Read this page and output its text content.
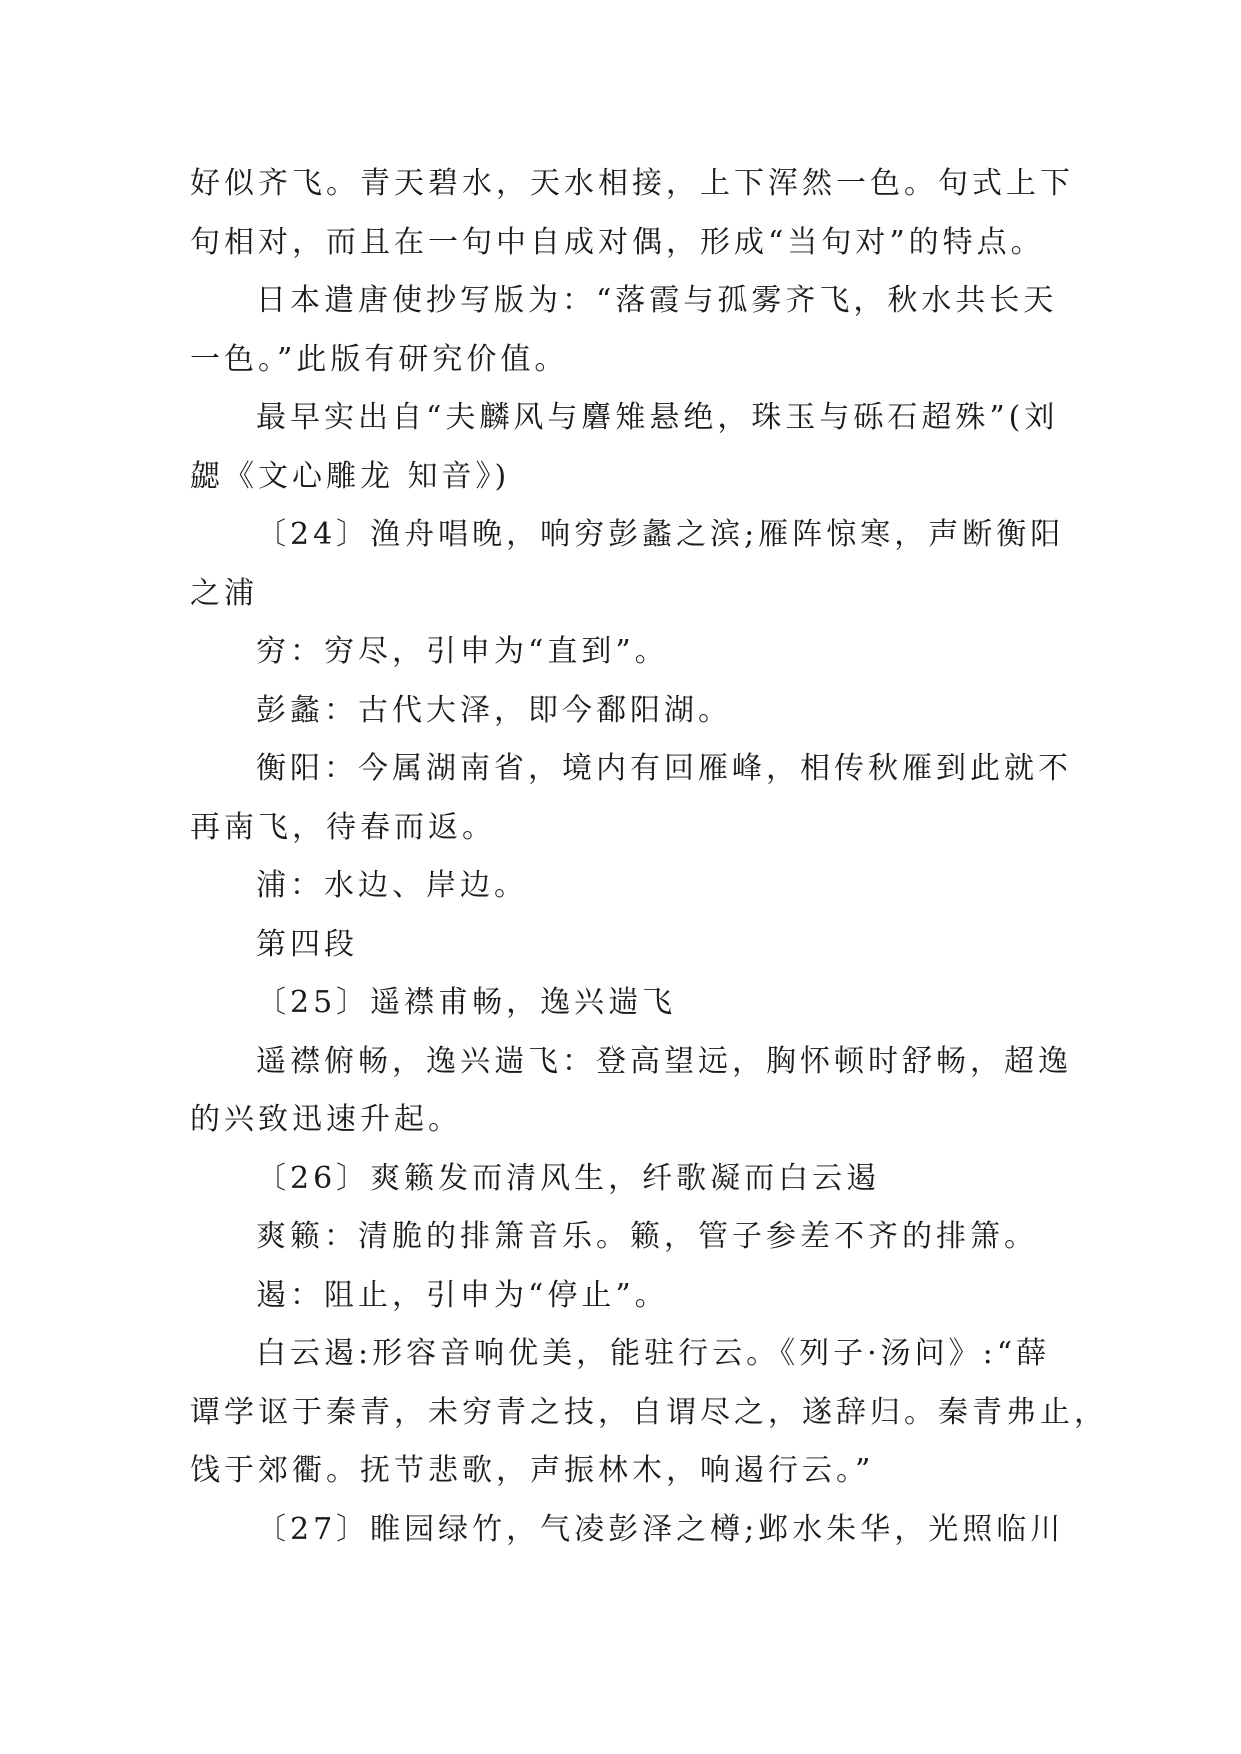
好似齐飞。青天碧水，天水相接，上下浑然一色。句式上下
句相对，而且在一句中自成对偶，形成“当句对”的特点。
日本遣唐使抄写版为：“落霞与孤雾齐飞，秋水共长天
一色。”此版有研究价值。
最早实出自“夫麟风与麏雉悬绝，珠玉与砾石超殊”(刘
勰《文心雕龙 知音》)
〔24〕渔舟唱晚，响穷彭蠡之滨;雁阵惊寒，声断衡阳
之浦
穷：穷尽，引申为“直到”。
彭蠡：古代大泽，即今鄱阳湖。
衡阳：今属湖南省，境内有回雁峰，相传秋雁到此就不
再南飞，待春而返。
浦：水边、岸边。
第四段
〔25〕遥襟甫畅，逸兴遄飞
遥襟俯畅，逸兴遄飞：登高望远，胸怀顿时舒畅，超逸
的兴致迅速升起。
〔26〕爽籁发而清风生，纤歌凝而白云遏
爽籁：清脆的排箫音乐。籁，管子参差不齐的排箫。
遏：阻止，引申为“停止”。
白云遏:形容音响优美，能驻行云。《列子·汤问》:“薛
谭学讴于秦青，未穷青之技，自谓尽之，遂辞归。秦青弗止，
饯于郊衢。抚节悲歌，声振林木，响遏行云。”
〔27〕睢园绿竹，气凌彭泽之樽;邺水朱华，光照临川
